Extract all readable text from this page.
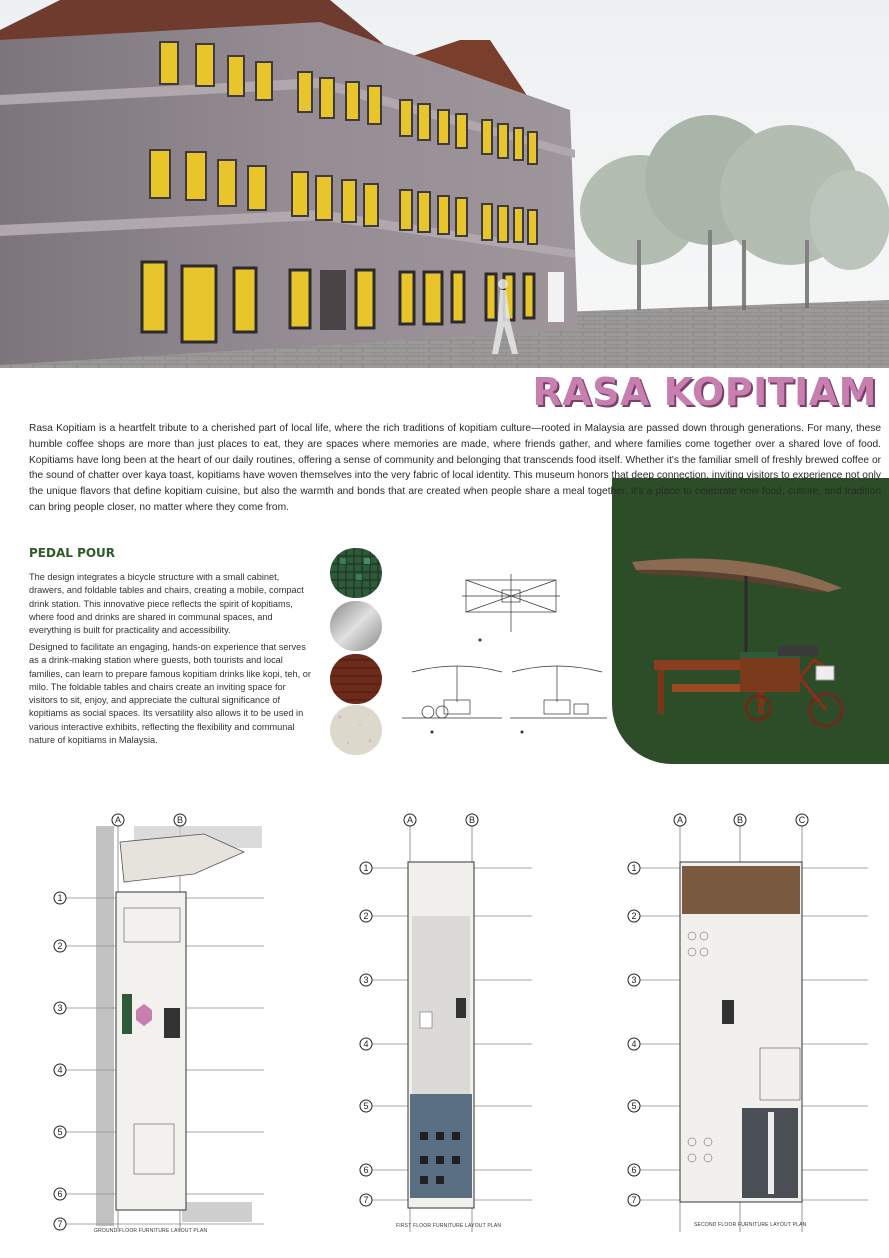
RASA KOPITIAM

Rasa Kopitiam is a heartfelt tribute to a cherished part of local life, where the rich traditions of kopitiam culture—rooted in Malaysia are passed down through generations. For many, these humble coffee shops are more than just places to eat, they are spaces where memories are made, where friends gather, and where families come together over a shared love of food. Kopitiams have long been at the heart of our daily routines, offering a sense of community and belonging that transcends food itself. Whether it's the familiar smell of freshly brewed coffee or the sound of chatter over kaya toast, kopitiams have woven themselves into the very fabric of local identity. This museum honors that deep connection, inviting visitors to experience not only the unique flavors that define kopitiam cuisine, but also the warmth and bonds that are created when people share a meal together. It's a place to celebrate how food, culture, and tradition can bring people closer, no matter where they come from.

PEDAL POUR

The design integrates a bicycle structure with a small cabinet, drawers, and foldable tables and chairs, creating a mobile, compact drink station. This innovative piece reflects the spirit of kopitiams, where food and drinks are shared in communal spaces, and everything is built for practicality and accessibility.

Designed to facilitate an engaging, hands-on experience that serves as a drink-making station where guests, both tourists and local families, can learn to prepare famous kopitiam drinks like kopi, teh, or milo. The foldable tables and chairs create an inviting space for visitors to sit, enjoy, and appreciate the cultural significance of kopitiams as social spaces. Its versatility also allows it to be used in various interactive exhibits, reflecting the flexibility and communal nature of kopitiams in Malaysia.

A	B
1
2
3
4
5
6
7
GROUND FLOOR FURNITURE LAYOUT PLAN
A	B
1
2
3
4
5
6
7
FIRST FLOOR FURNITURE LAYOUT PLAN
A	B	C
1
2
3
4
5
6
7
SECOND FLOOR FURNITURE LAYOUT PLAN
